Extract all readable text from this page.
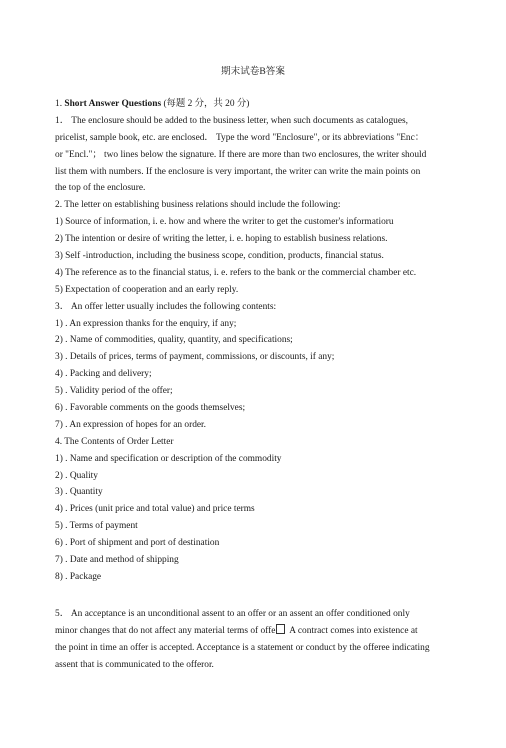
期末试卷B答案
1. Short Answer Questions (每题 2 分，共 20 分)
1． The enclosure should be added to the business letter, when such documents as catalogues,
pricelist, sample book, etc. are enclosed． Type the word "Enclosure", or its abbreviations "Enc：
or "Encl."； two lines below the signature. If there are more than two enclosures, the writer should
list them with numbers. If the enclosure is very important, the writer can write the main points on
the top of the enclosure.
2. The letter on establishing business relations should include the following:
1) Source of information, i. e. how and where the writer to get the customer's informatioru
2) The intention or desire of writing the letter, i. e. hoping to establish business relations.
3) Self -introduction, including the business scope, condition, products, financial status.
4) The reference as to the financial status, i. e. refers to the bank or the commercial chamber etc.
5) Expectation of cooperation and an early reply.
3． An offer letter usually includes the following contents:
1) . An expression thanks for the enquiry, if any;
2) . Name of commodities, quality, quantity, and specifications;
3) . Details of prices, terms of payment, commissions, or discounts, if any;
4) . Packing and delivery;
5) . Validity period of the offer;
6) . Favorable comments on the goods themselves;
7) . An expression of hopes for an order.
4. The Contents of Order Letter
1) . Name and specification or description of the commodity
2) . Quality
3) . Quantity
4) . Prices (unit price and total value) and price terms
5) . Terms of payment
6) . Port of shipment and port of destination
7) . Date and method of shipping
8) . Package
5． An acceptance is an unconditional assent to an offer or an assent an offer conditioned only
minor changes that do not affect any material terms of offe A contract comes into existence at
the point in time an offer is accepted. Acceptance is a statement or conduct by the offeree indicating
assent that is communicated to the offeror.
